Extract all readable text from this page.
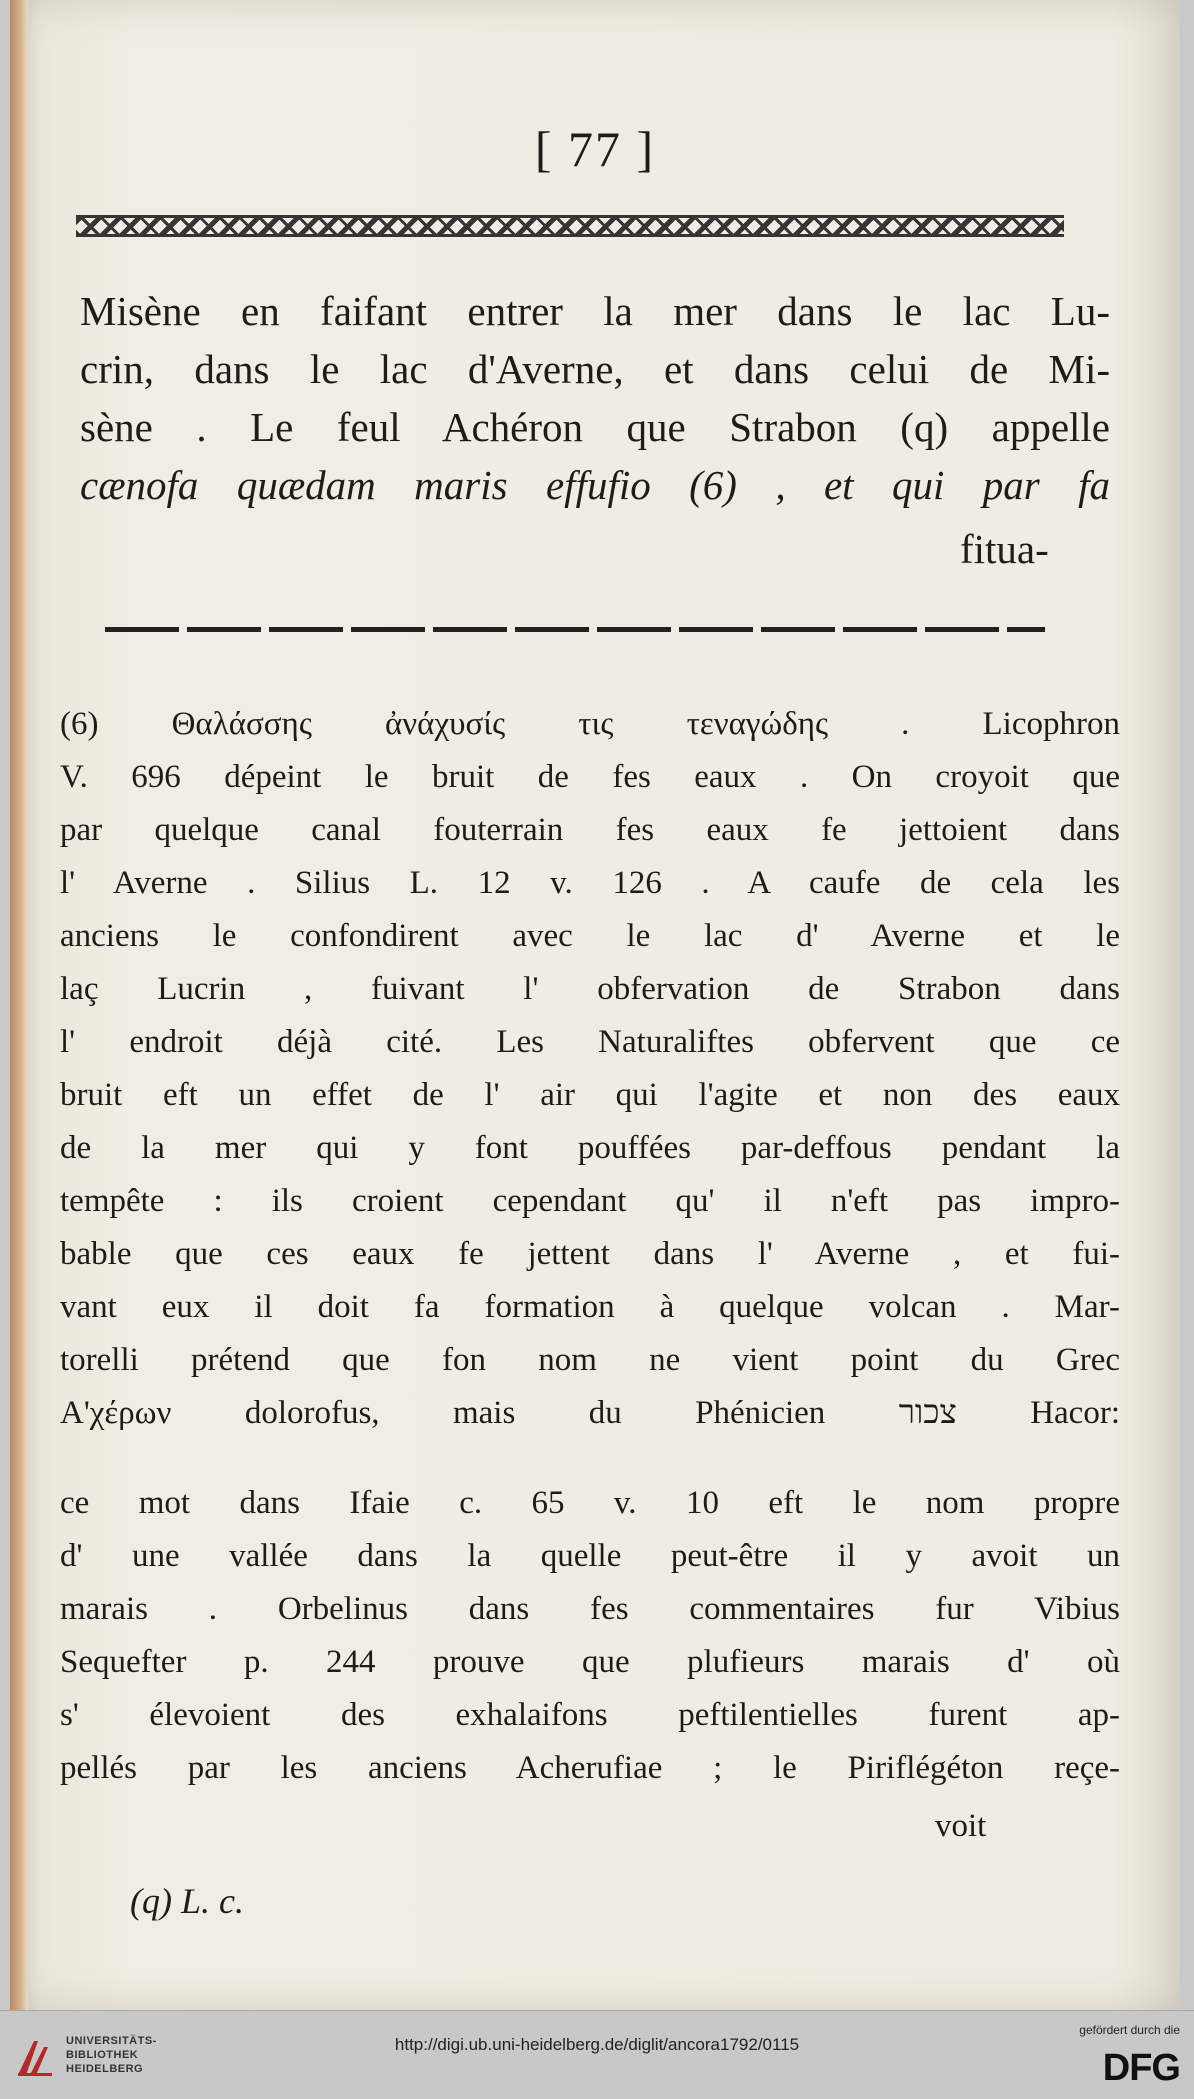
[ 77 ]
Misène en faifant entrer la mer dans le lac Lu-
crin, dans le lac d'Averne, et dans celui de Mi-
sène . Le feul Achéron que Strabon (q) appelle
cænofa quædam maris effufio (6) , et qui par fa
fitua-
(6) Θαλάσσης ἀνάχυσίς τις τεναγώδης . Licophron
V. 696 dépeint le bruit de fes eaux . On croyoit que
par quelque canal fouterrain fes eaux fe jettoient dans
l' Averne . Silius L. 12 v. 126 . A caufe de cela les
anciens le confondirent avec le lac d' Averne et le
laç Lucrin , fuivant l' obfervation de Strabon dans
l' endroit déjà cité. Les Naturaliftes obfervent que ce
bruit eft un effet de l' air qui l'agite et non des eaux
de la mer qui y font pouffées par-deffous pendant la
tempête : ils croient cependant qu' il n'eft pas impro-
bable que ces eaux fe jettent dans l' Averne , et fui-
vant eux il doit fa formation à quelque volcan . Mar-
torelli prétend que fon nom ne vient point du Grec
A'χέρων dolorofus, mais du Phénicien צכור Hacor:
ce mot dans Ifaie c. 65 v. 10 eft le nom propre
d' une vallée dans la quelle peut-être il y avoit un
marais . Orbelinus dans fes commentaires fur Vibius
Sequefter p. 244 prouve que plufieurs marais d' où
s' élevoient des exhalaifons peftilentielles furent ap-
pellés par les anciens Acherufiae ; le Piriflégéton reçe-
voit
(q) L. c.
UNIVERSITÄTS-
BIBLIOTHEK
HEIDELBERG
http://digi.ub.uni-heidelberg.de/diglit/ancora1792/0115
gefördert durch die
DFG
